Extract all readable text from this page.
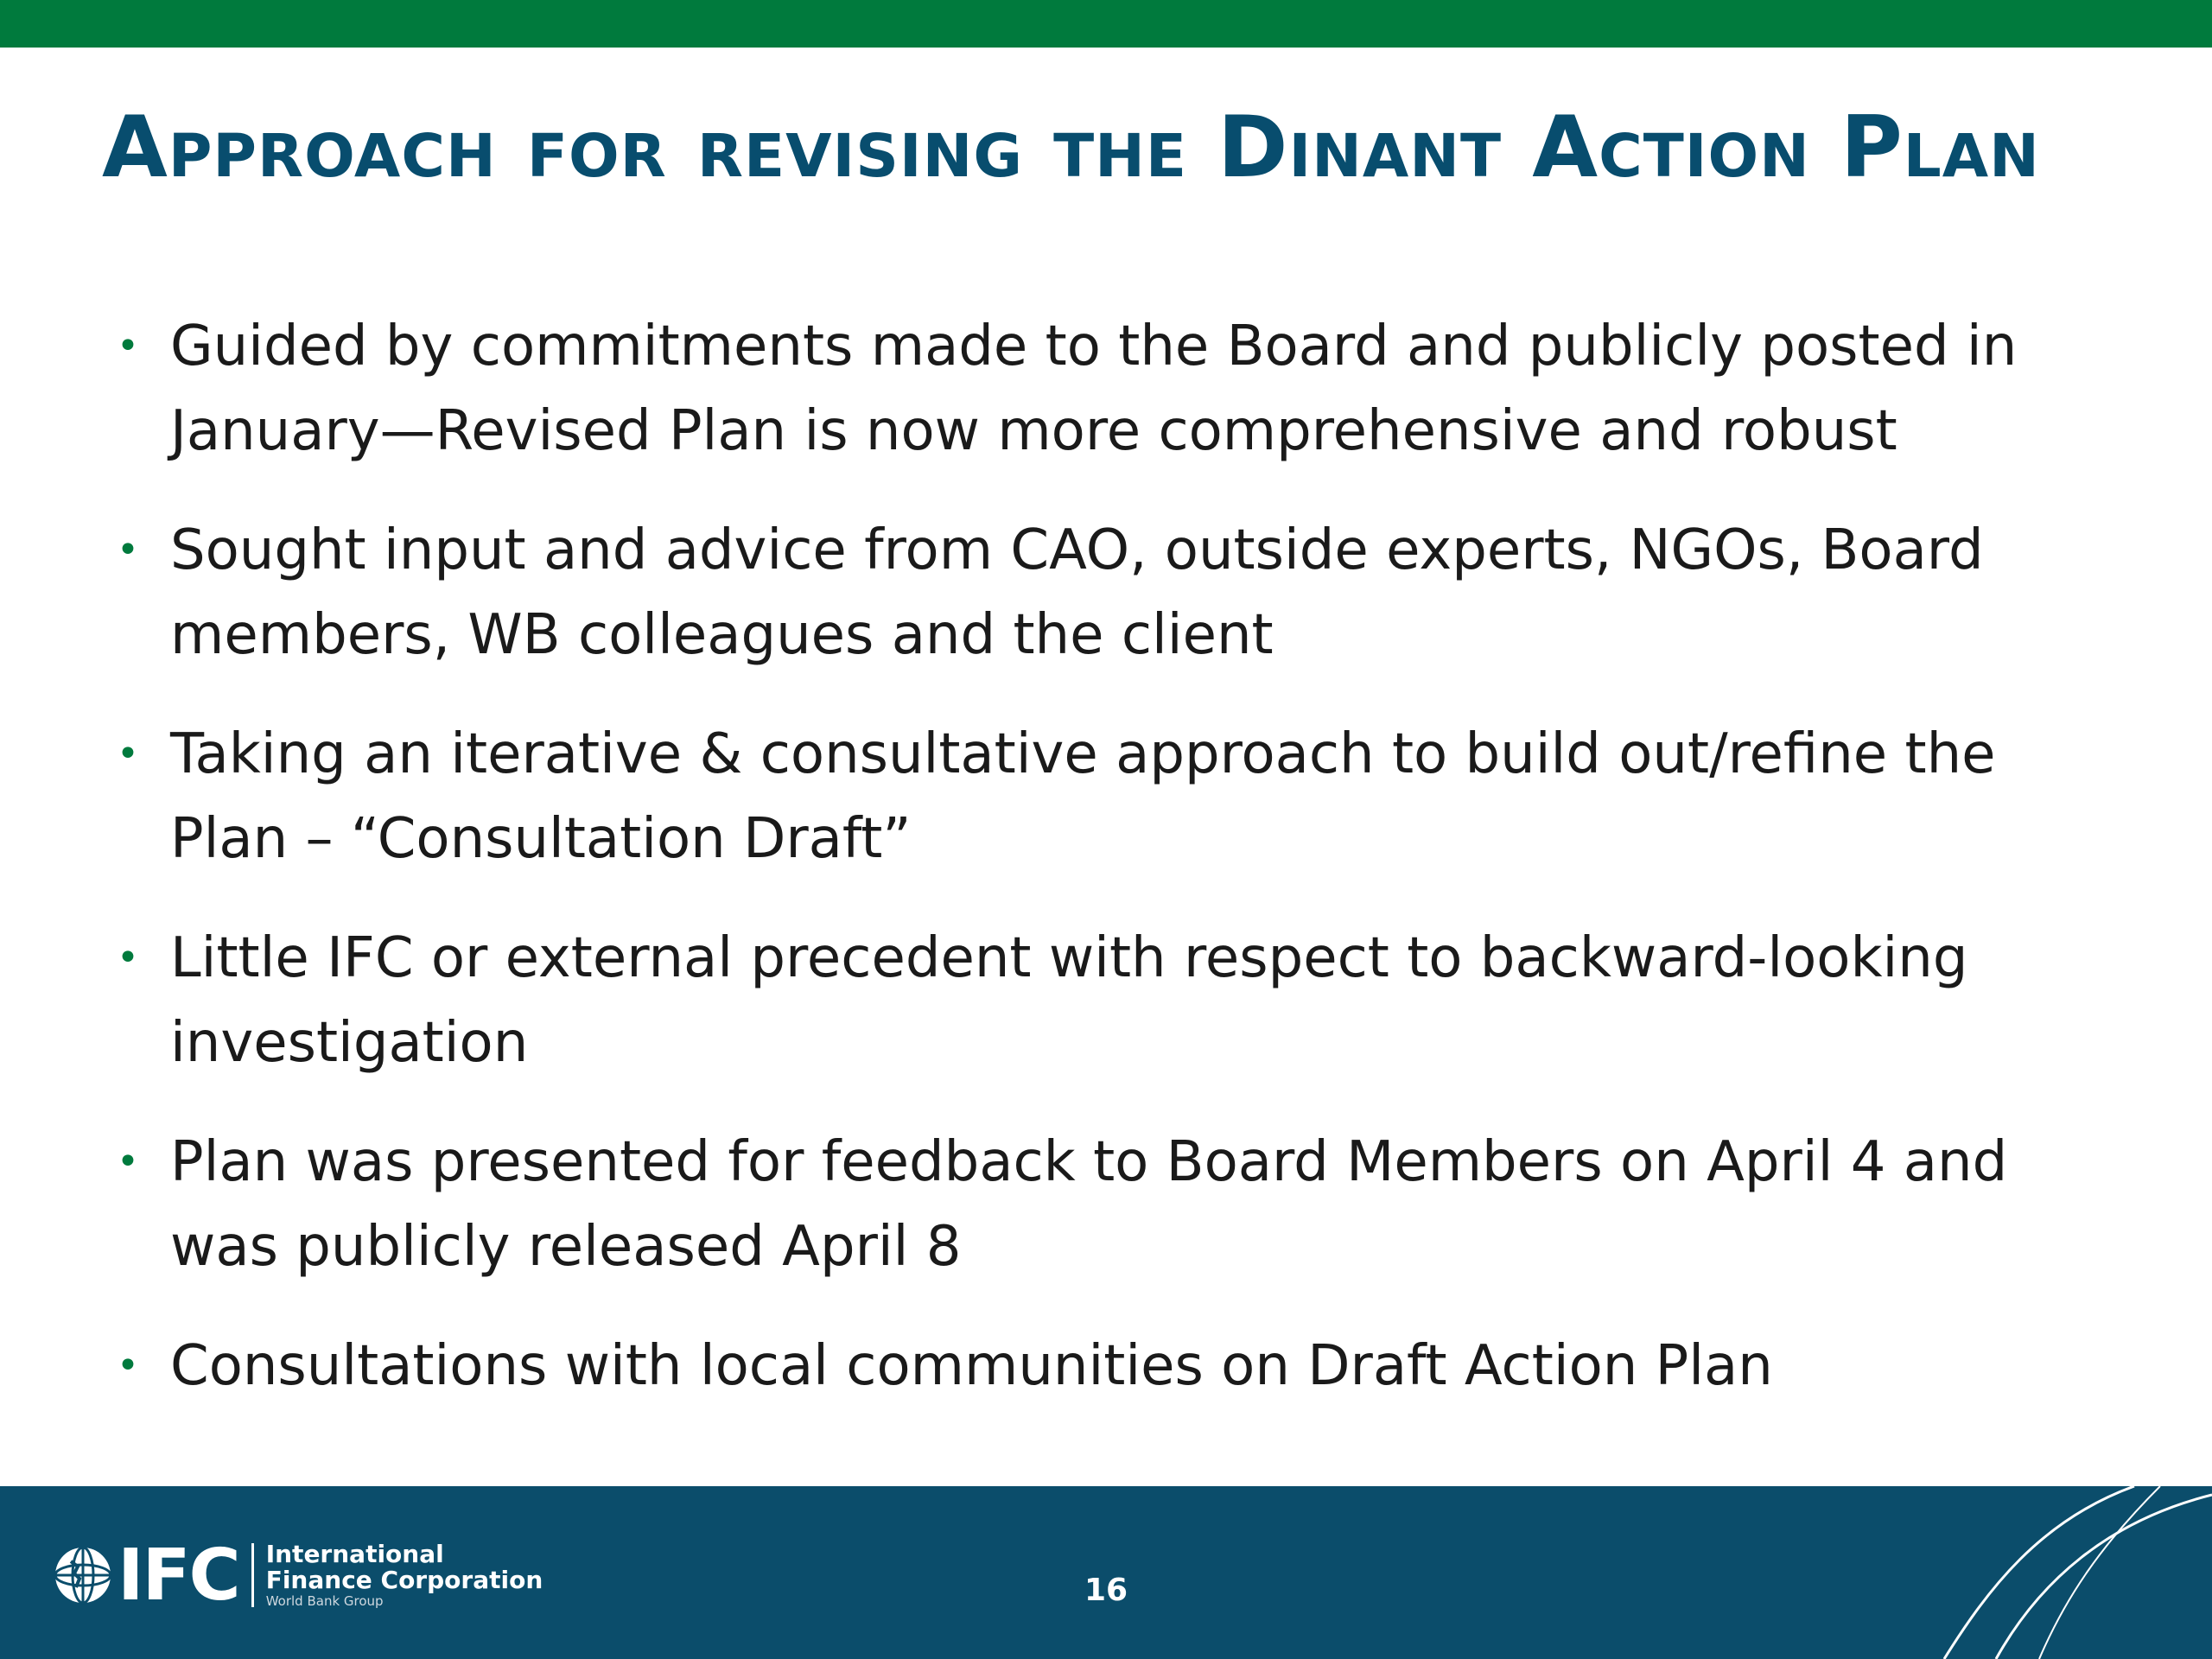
Approach for revising the Dinant Action Plan
• Guided by commitments made to the Board and publicly posted in January—Revised Plan is now more comprehensive and robust
• Sought input and advice from CAO, outside experts, NGOs, Board members, WB colleagues and the client
• Taking an iterative & consultative approach to build out/refine the Plan – “Consultation Draft”
• Little IFC or external precedent with respect to backward-looking investigation
• Plan was presented for feedback to Board Members on April 4 and was publicly released April 8
• Consultations with local communities on Draft Action Plan
IFC International
Finance Corporation
World Bank Group	16
